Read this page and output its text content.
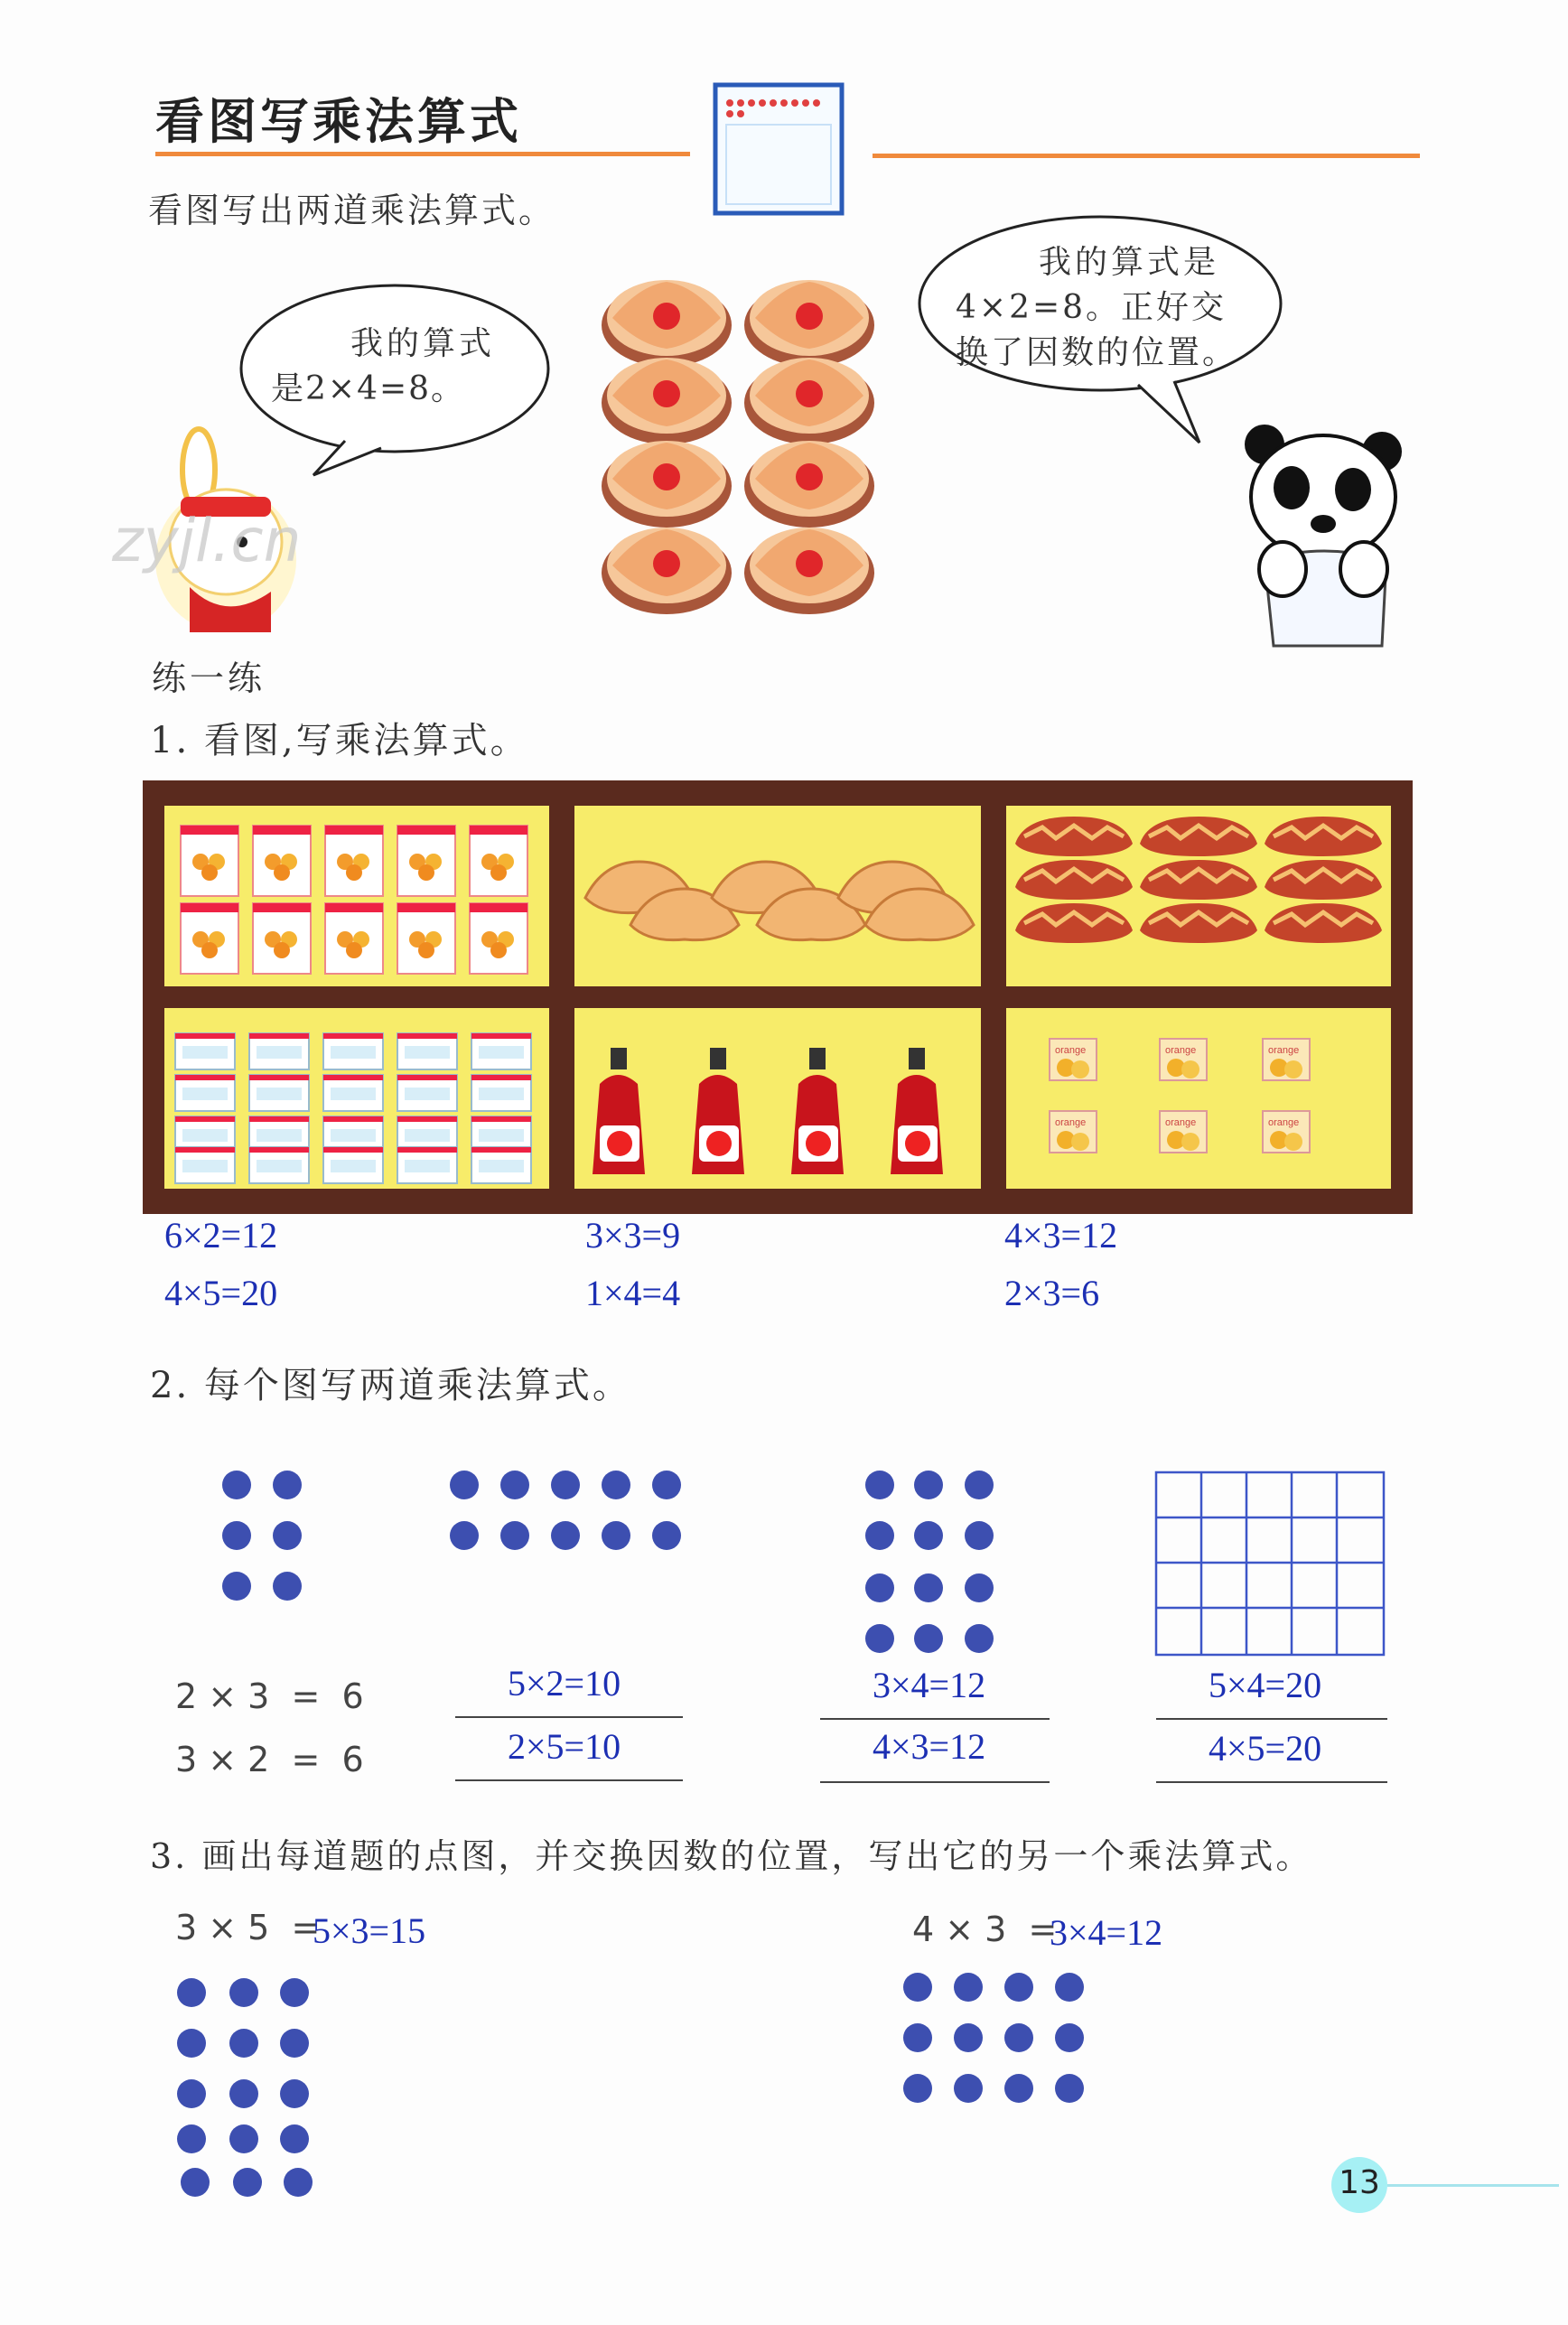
看图写乘法算式
看图写出两道乘法算式。
我的算式
是2×4=8。
zyjl.cn
我的算式是
4×2=8。正好交
换了因数的位置。
练一练
1. 看图,写乘法算式。
6×2=12
4×5=20
3×3=9
1×4=4
4×3=12
2×3=6
2. 每个图写两道乘法算式。
2 × 3  =  6
3 × 2  =  6
5×2=10
2×5=10
3×4=12
4×3=12
5×4=20
4×5=20
3. 画出每道题的点图，并交换因数的位置，写出它的另一个乘法算式。
3 × 5  =
5×3=15	4 × 3  =
3×4=12
13
